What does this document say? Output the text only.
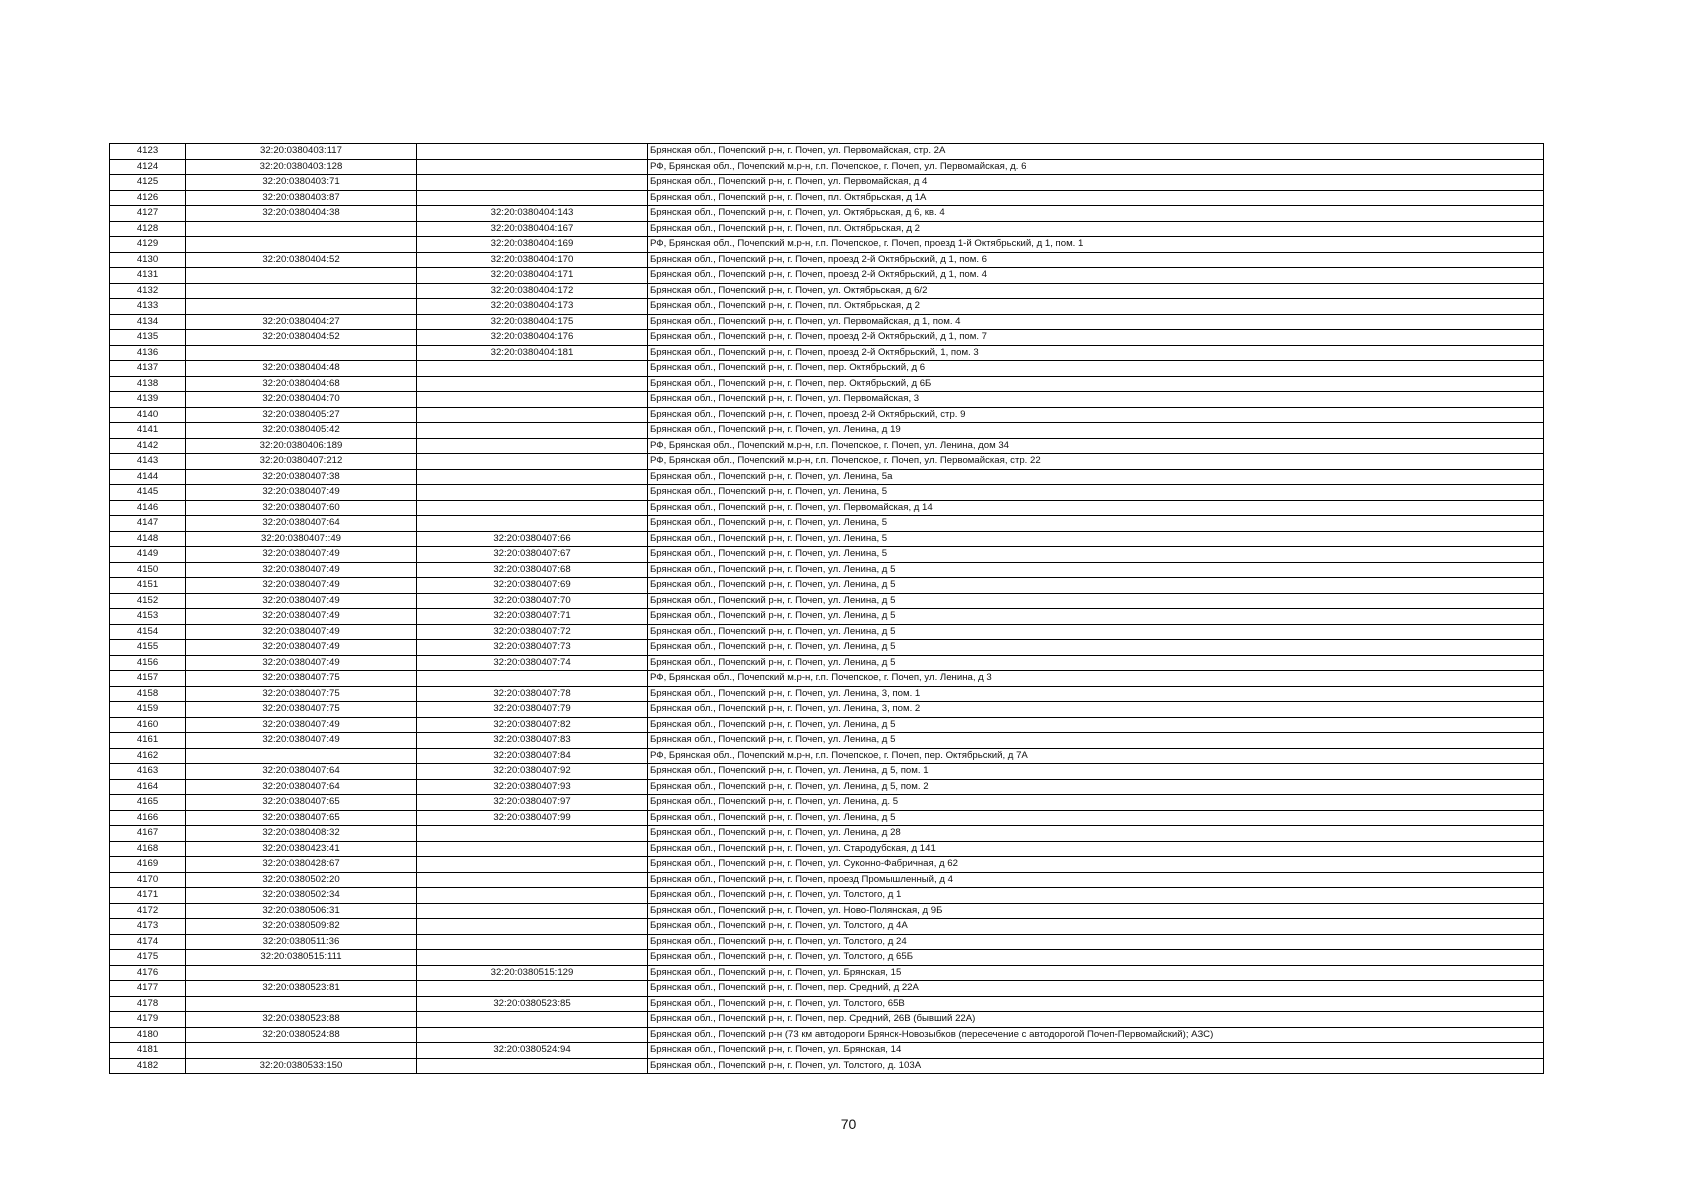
4123	32:20:0380403:117		Брянская обл., Почепский р-н, г. Почеп, ул. Первомайская, стр. 2А
4124	32:20:0380403:128		РФ, Брянская обл., Почепский м.р-н, г.п. Почепское, г. Почеп, ул. Первомайская, д. 6
4125	32:20:0380403:71		Брянская обл., Почепский р-н, г. Почеп, ул. Первомайская, д 4
4126	32:20:0380403:87		Брянская обл., Почепский р-н, г. Почеп, пл. Октябрьская, д 1А
4127	32:20:0380404:38	32:20:0380404:143	Брянская обл., Почепский р-н, г. Почеп, ул. Октябрьская, д 6, кв. 4
4128		32:20:0380404:167	Брянская обл., Почепский р-н, г. Почеп, пл. Октябрьская, д 2
4129		32:20:0380404:169	РФ, Брянская обл., Почепский м.р-н, г.п. Почепское, г. Почеп, проезд 1-й Октябрьский, д 1, пом. 1
4130	32:20:0380404:52	32:20:0380404:170	Брянская обл., Почепский р-н, г. Почеп, проезд 2-й Октябрьский, д 1, пом. 6
4131		32:20:0380404:171	Брянская обл., Почепский р-н, г. Почеп, проезд 2-й Октябрьский, д 1, пом. 4
4132		32:20:0380404:172	Брянская обл., Почепский р-н, г. Почеп, ул. Октябрьская, д 6/2
4133		32:20:0380404:173	Брянская обл., Почепский р-н, г. Почеп, пл. Октябрьская, д 2
4134	32:20:0380404:27	32:20:0380404:175	Брянская обл., Почепский р-н, г. Почеп, ул. Первомайская, д 1, пом. 4
4135	32:20:0380404:52	32:20:0380404:176	Брянская обл., Почепский р-н, г. Почеп, проезд 2-й Октябрьский, д 1, пом. 7
4136		32:20:0380404:181	Брянская обл., Почепский р-н, г. Почеп, проезд 2-й Октябрьский, 1, пом. 3
4137	32:20:0380404:48		Брянская обл., Почепский р-н, г. Почеп, пер. Октябрьский, д 6
4138	32:20:0380404:68		Брянская обл., Почепский р-н, г. Почеп, пер. Октябрьский, д 6Б
4139	32:20:0380404:70		Брянская обл., Почепский р-н, г. Почеп, ул. Первомайская, 3
4140	32:20:0380405:27		Брянская обл., Почепский р-н, г. Почеп, проезд 2-й Октябрьский, стр. 9
4141	32:20:0380405:42		Брянская обл., Почепский р-н, г. Почеп, ул. Ленина, д 19
4142	32:20:0380406:189		РФ, Брянская обл., Почепский м.р-н, г.п. Почепское, г. Почеп, ул. Ленина, дом 34
4143	32:20:0380407:212		РФ, Брянская обл., Почепский м.р-н, г.п. Почепское, г. Почеп, ул. Первомайская, стр. 22
4144	32:20:0380407:38		Брянская обл., Почепский р-н, г. Почеп, ул. Ленина, 5а
4145	32:20:0380407:49		Брянская обл., Почепский р-н, г. Почеп, ул. Ленина, 5
4146	32:20:0380407:60		Брянская обл., Почепский р-н, г. Почеп, ул. Первомайская, д 14
4147	32:20:0380407:64		Брянская обл., Почепский р-н, г. Почеп, ул. Ленина, 5
4148	32:20:0380407::49	32:20:0380407:66	Брянская обл., Почепский р-н, г. Почеп, ул. Ленина, 5
4149	32:20:0380407:49	32:20:0380407:67	Брянская обл., Почепский р-н, г. Почеп, ул. Ленина, 5
4150	32:20:0380407:49	32:20:0380407:68	Брянская обл., Почепский р-н, г. Почеп, ул. Ленина, д 5
4151	32:20:0380407:49	32:20:0380407:69	Брянская обл., Почепский р-н, г. Почеп, ул. Ленина, д 5
4152	32:20:0380407:49	32:20:0380407:70	Брянская обл., Почепский р-н, г. Почеп, ул. Ленина, д 5
4153	32:20:0380407:49	32:20:0380407:71	Брянская обл., Почепский р-н, г. Почеп, ул. Ленина, д 5
4154	32:20:0380407:49	32:20:0380407:72	Брянская обл., Почепский р-н, г. Почеп, ул. Ленина, д 5
4155	32:20:0380407:49	32:20:0380407:73	Брянская обл., Почепский р-н, г. Почеп, ул. Ленина, д 5
4156	32:20:0380407:49	32:20:0380407:74	Брянская обл., Почепский р-н, г. Почеп, ул. Ленина, д 5
4157	32:20:0380407:75		РФ, Брянская обл., Почепский м.р-н, г.п. Почепское, г. Почеп, ул. Ленина, д 3
4158	32:20:0380407:75	32:20:0380407:78	Брянская обл., Почепский р-н, г. Почеп, ул. Ленина, 3, пом. 1
4159	32:20:0380407:75	32:20:0380407:79	Брянская обл., Почепский р-н, г. Почеп, ул. Ленина, 3, пом. 2
4160	32:20:0380407:49	32:20:0380407:82	Брянская обл., Почепский р-н, г. Почеп, ул. Ленина, д 5
4161	32:20:0380407:49	32:20:0380407:83	Брянская обл., Почепский р-н, г. Почеп, ул. Ленина, д 5
4162		32:20:0380407:84	РФ, Брянская обл., Почепский м.р-н, г.п. Почепское, г. Почеп, пер. Октябрьский, д 7А
4163	32:20:0380407:64	32:20:0380407:92	Брянская обл., Почепский р-н, г. Почеп, ул. Ленина, д 5, пом. 1
4164	32:20:0380407:64	32:20:0380407:93	Брянская обл., Почепский р-н, г. Почеп, ул. Ленина, д 5, пом. 2
4165	32:20:0380407:65	32:20:0380407:97	Брянская обл., Почепский р-н, г. Почеп, ул. Ленина, д. 5
4166	32:20:0380407:65	32:20:0380407:99	Брянская обл., Почепский р-н, г. Почеп, ул. Ленина, д 5
4167	32:20:0380408:32		Брянская обл., Почепский р-н, г. Почеп, ул. Ленина, д 28
4168	32:20:0380423:41		Брянская обл., Почепский р-н, г. Почеп, ул. Стародубская, д 141
4169	32:20:0380428:67		Брянская обл., Почепский р-н, г. Почеп, ул. Суконно-Фабричная, д 62
4170	32:20:0380502:20		Брянская обл., Почепский р-н, г. Почеп, проезд Промышленный, д 4
4171	32:20:0380502:34		Брянская обл., Почепский р-н, г. Почеп, ул. Толстого, д 1
4172	32:20:0380506:31		Брянская обл., Почепский р-н, г. Почеп, ул. Ново-Полянская, д 9Б
4173	32:20:0380509:82		Брянская обл., Почепский р-н, г. Почеп, ул. Толстого, д 4А
4174	32:20:0380511:36		Брянская обл., Почепский р-н, г. Почеп, ул. Толстого, д 24
4175	32:20:0380515:111		Брянская обл., Почепский р-н, г. Почеп, ул. Толстого, д 65Б
4176		32:20:0380515:129	Брянская обл., Почепский р-н, г. Почеп, ул. Брянская, 15
4177	32:20:0380523:81		Брянская обл., Почепский р-н, г. Почеп, пер. Средний, д 22А
4178		32:20:0380523:85	Брянская обл., Почепский р-н, г. Почеп, ул. Толстого, 65В
4179	32:20:0380523:88		Брянская обл., Почепский р-н, г. Почеп, пер. Средний, 26В (бывший 22А)
4180	32:20:0380524:88		Брянская обл., Почепский р-н (73 км автодороги Брянск-Новозыбков (пересечение с автодорогой Почеп-Первомайский); АЗС)
4181		32:20:0380524:94	Брянская обл., Почепский р-н, г. Почеп, ул. Брянская, 14
4182	32:20:0380533:150		Брянская обл., Почепский р-н, г. Почеп, ул. Толстого, д. 103А
70
